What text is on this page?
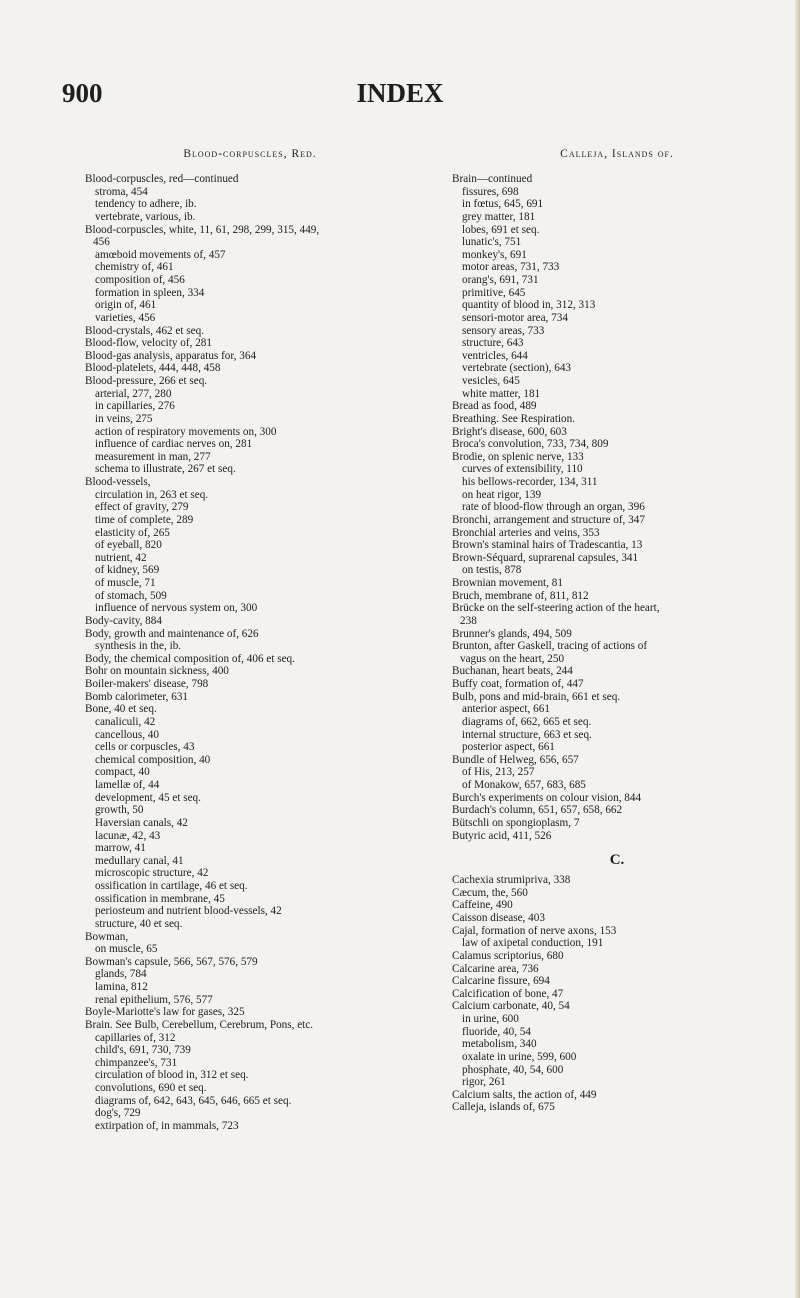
900	INDEX
Blood-corpuscles, Red.
Blood-corpuscles, red—continued
stroma, 454
tendency to adhere, ib.
vertebrate, various, ib.
Blood-corpuscles, white, 11, 61, 298, 299, 315, 449,
456
amœboid movements of, 457
chemistry of, 461
composition of, 456
formation in spleen, 334
origin of, 461
varieties, 456
Blood-crystals, 462 et seq.
Blood-flow, velocity of, 281
Blood-gas analysis, apparatus for, 364
Blood-platelets, 444, 448, 458
Blood-pressure, 266 et seq.
arterial, 277, 280
in capillaries, 276
in veins, 275
action of respiratory movements on, 300
influence of cardiac nerves on, 281
measurement in man, 277
schema to illustrate, 267 et seq.
Blood-vessels,
circulation in, 263 et seq.
effect of gravity, 279
time of complete, 289
elasticity of, 265
of eyeball, 820
nutrient, 42
of kidney, 569
of muscle, 71
of stomach, 509
influence of nervous system on, 300
Body-cavity, 884
Body, growth and maintenance of, 626
synthesis in the, ib.
Body, the chemical composition of, 406 et seq.
Bohr on mountain sickness, 400
Boiler-makers' disease, 798
Bomb calorimeter, 631
Bone, 40 et seq.
canaliculi, 42
cancellous, 40
cells or corpuscles, 43
chemical composition, 40
compact, 40
lamellæ of, 44
development, 45 et seq.
growth, 50
Haversian canals, 42
lacunæ, 42, 43
marrow, 41
medullary canal, 41
microscopic structure, 42
ossification in cartilage, 46 et seq.
ossification in membrane, 45
periosteum and nutrient blood-vessels, 42
structure, 40 et seq.
Bowman,
on muscle, 65
Bowman's capsule, 566, 567, 576, 579
glands, 784
lamina, 812
renal epithelium, 576, 577
Boyle-Mariotte's law for gases, 325
Brain. See Bulb, Cerebellum, Cerebrum, Pons, etc.
capillaries of, 312
child's, 691, 730, 739
chimpanzee's, 731
circulation of blood in, 312 et seq.
convolutions, 690 et seq.
diagrams of, 642, 643, 645, 646, 665 et seq.
dog's, 729
extirpation of, in mammals, 723
Calleja, Islands of.
Brain—continued
fissures, 698
in fœtus, 645, 691
grey matter, 181
lobes, 691 et seq.
lunatic's, 751
monkey's, 691
motor areas, 731, 733
orang's, 691, 731
primitive, 645
quantity of blood in, 312, 313
sensori-motor area, 734
sensory areas, 733
structure, 643
ventricles, 644
vertebrate (section), 643
vesicles, 645
white matter, 181
Bread as food, 489
Breathing. See Respiration.
Bright's disease, 600, 603
Broca's convolution, 733, 734, 809
Brodie, on splenic nerve, 133
curves of extensibility, 110
his bellows-recorder, 134, 311
on heat rigor, 139
rate of blood-flow through an organ, 396
Bronchi, arrangement and structure of, 347
Bronchial arteries and veins, 353
Brown's staminal hairs of Tradescantia, 13
Brown-Séquard, suprarenal capsules, 341
on testis, 878
Brownian movement, 81
Bruch, membrane of, 811, 812
Brücke on the self-steering action of the heart,
238
Brunner's glands, 494, 509
Brunton, after Gaskell, tracing of actions of
vagus on the heart, 250
Buchanan, heart beats, 244
Buffy coat, formation of, 447
Bulb, pons and mid-brain, 661 et seq.
anterior aspect, 661
diagrams of, 662, 665 et seq.
internal structure, 663 et seq.
posterior aspect, 661
Bundle of Helweg, 656, 657
of His, 213, 257
of Monakow, 657, 683, 685
Burch's experiments on colour vision, 844
Burdach's column, 651, 657, 658, 662
Bütschli on spongioplasm, 7
Butyric acid, 411, 526
C.
Cachexia strumipriva, 338
Cæcum, the, 560
Caffeine, 490
Caisson disease, 403
Cajal, formation of nerve axons, 153
law of axipetal conduction, 191
Calamus scriptorius, 680
Calcarine area, 736
Calcarine fissure, 694
Calcification of bone, 47
Calcium carbonate, 40, 54
in urine, 600
fluoride, 40, 54
metabolism, 340
oxalate in urine, 599, 600
phosphate, 40, 54, 600
rigor, 261
Calcium salts, the action of, 449
Calleja, islands of, 675
